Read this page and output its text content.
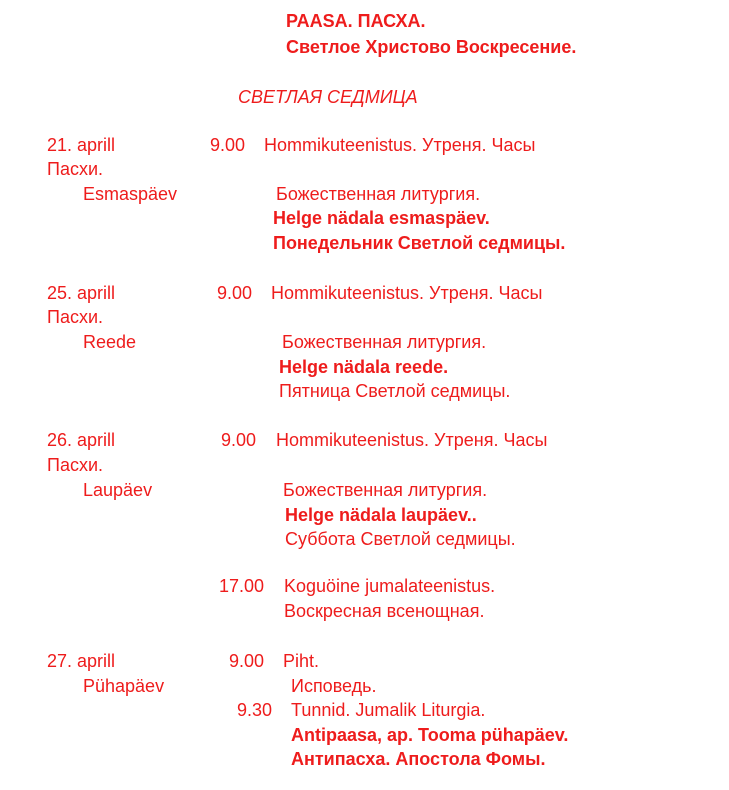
PAASA. ПАСХА.
Светлое Христово Воскресение.
СВЕТЛАЯ СЕДМИЦА
21. aprill	9.00 Hommikuteenistus. Утреня. Часы
Пасхи.
Esmaspäev	Божественная литургия.
Helge nädala esmaspäev.
Понедельник Светлой седмицы.
25. aprill	9.00 Hommikuteenistus. Утреня. Часы
Пасхи.
Reede	Божественная литургия.
Helge nädala reede.
Пятница Светлой седмицы.
26. aprill	9.00 Hommikuteenistus. Утреня. Часы
Пасхи.
Laupäev	Божественная литургия.
Helge nädala laupäev..
Суббота Светлой седмицы.
17.00 Koguöine jumalateenistus.
Воскресная всенощная.
27. aprill	9.00 Piht.
Pühapäev	Исповедь.
9.30 Tunnid. Jumalik Liturgia.
Antipaasa, ap. Tooma pühapäev.
Антипасха. Апостола Фомы.
